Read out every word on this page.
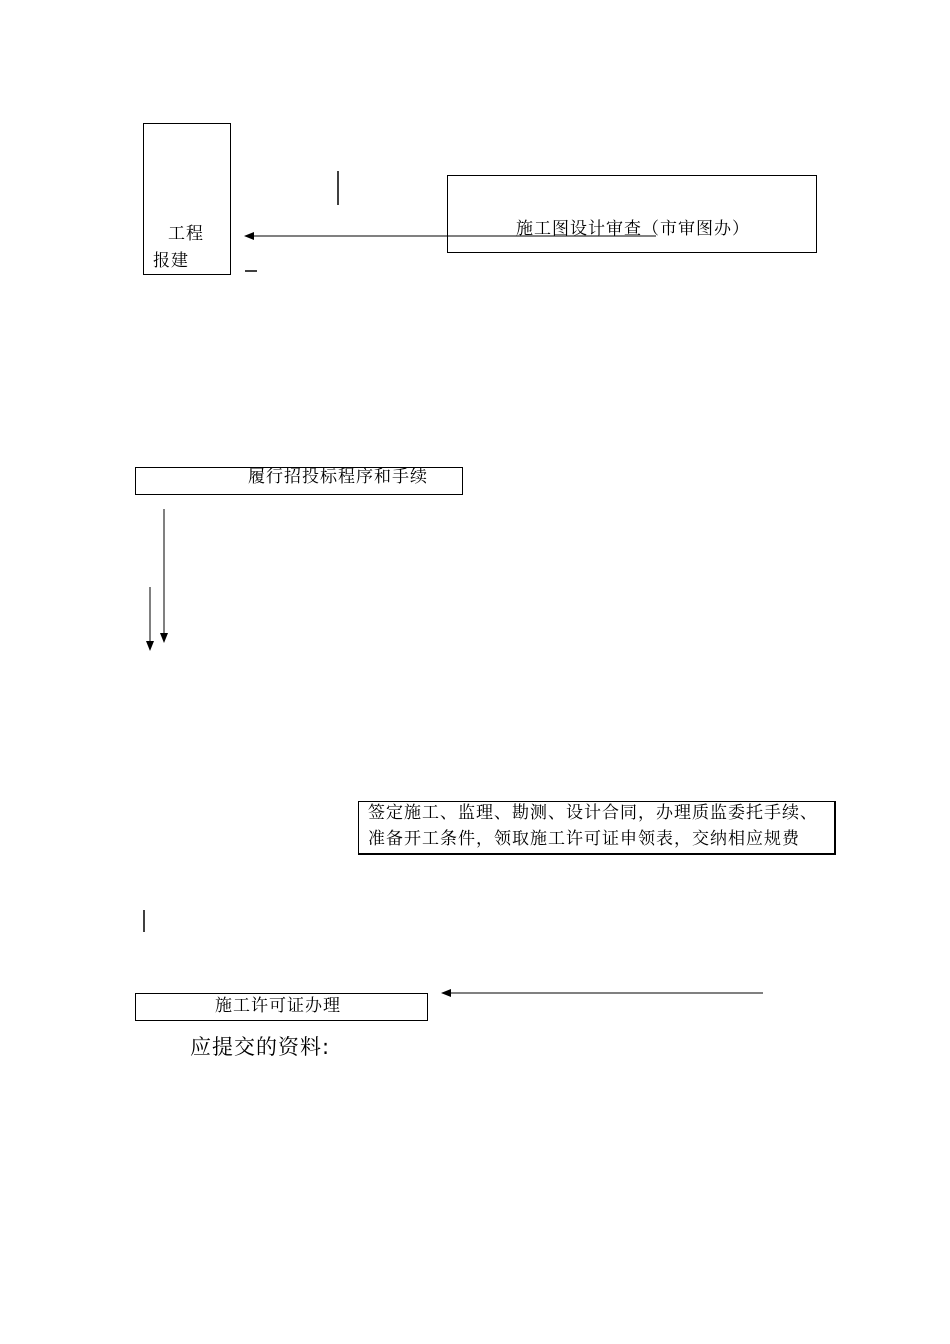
工程
报建
施工图设计审查（市审图办）
履行招投标程序和手续
签定施工、监理、勘测、设计合同，办理质监委托手续、
准备开工条件，领取施工许可证申领表，交纳相应规费
施工许可证办理
应提交的资料:
